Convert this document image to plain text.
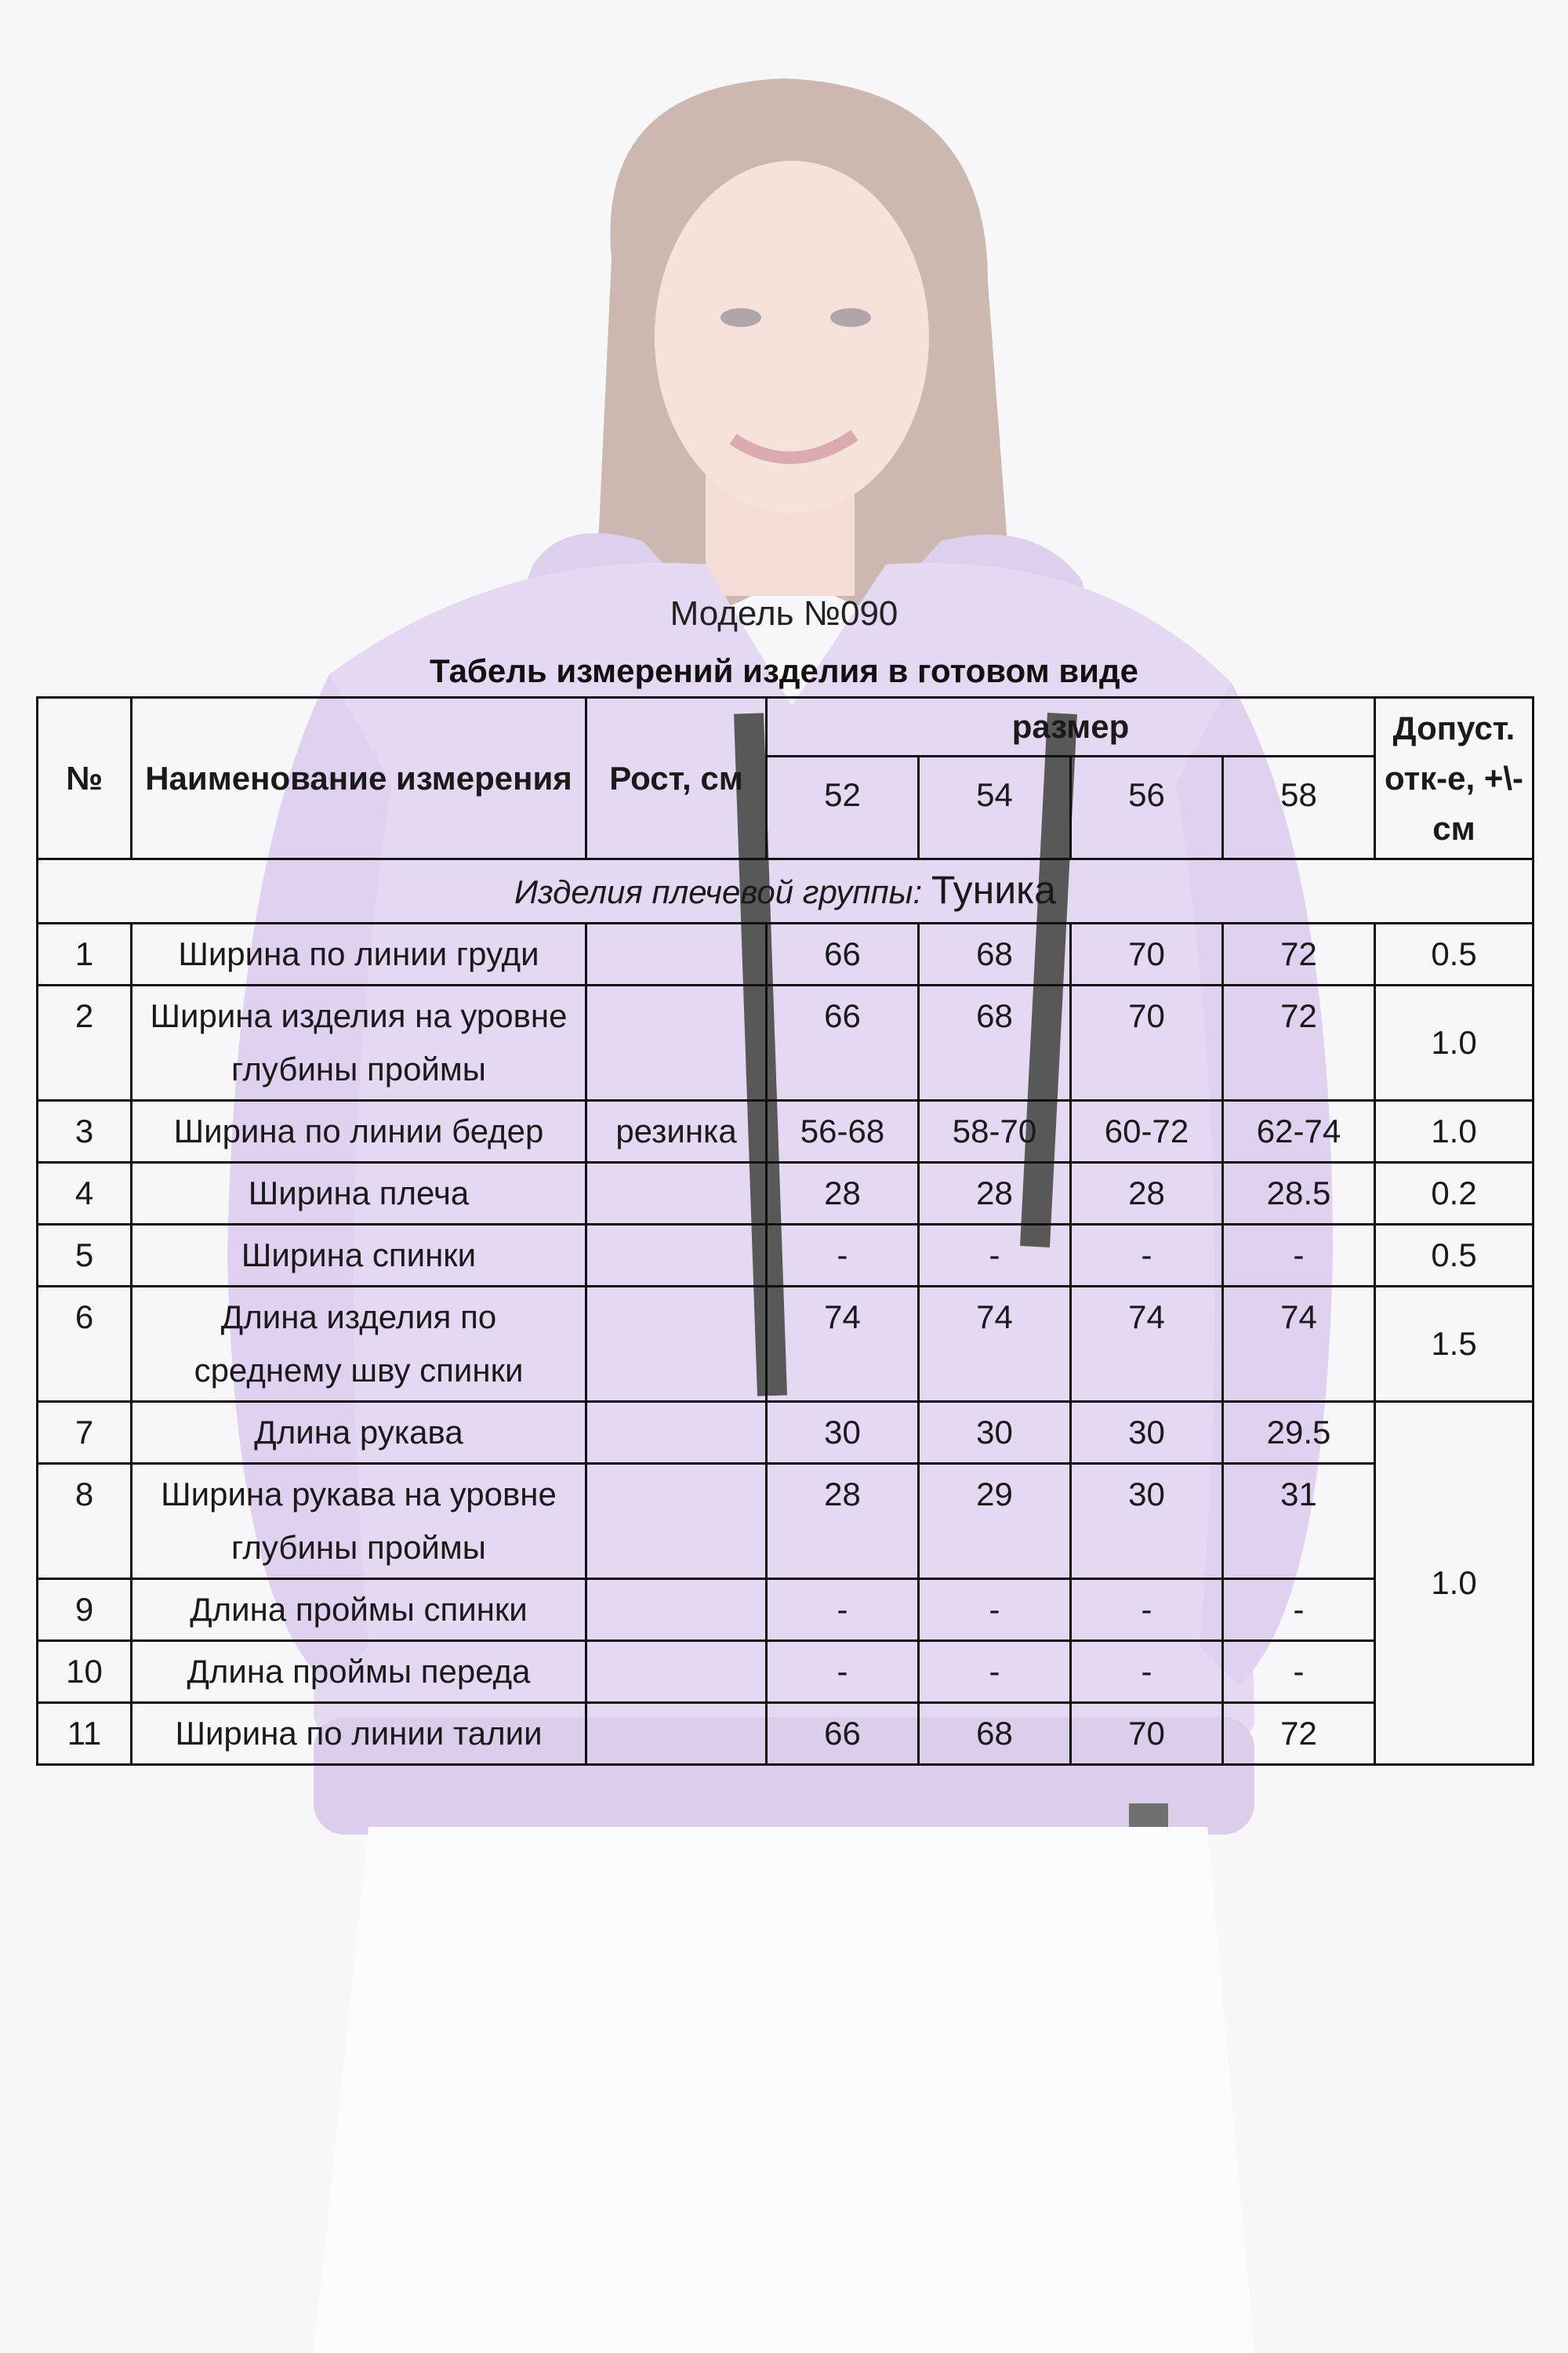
Модель №090
Табель измерений изделия в готовом виде
№	Наименование измерения	Рост, см	размер				Допуст. отк-е, +\-см
			52	54	56	58	
Изделия плечевой группы: Туника							
1	Ширина по линии груди		66	68	70	72	0.5
2	Ширина изделия на уровне   глубины проймы		66	68	70	72	1.0
3	Ширина по линии бедер	резинка	56-68	58-70	60-72	62-74	1.0
4	Ширина плеча		28	28	28	28.5	0.2
5	Ширина спинки		-	-	-	-	0.5
6	Длина изделия по среднему шву спинки		74	74	74	74	1.5
7	Длина рукава		30	30	30	29.5	1.0
8	Ширина рукава на уровне глубины проймы		28	29	30	31	
9	Длина проймы спинки		-	-	-	-	
10	Длина проймы переда		-	-	-	-	
11	Ширина по линии талии		66	68	70	72	
